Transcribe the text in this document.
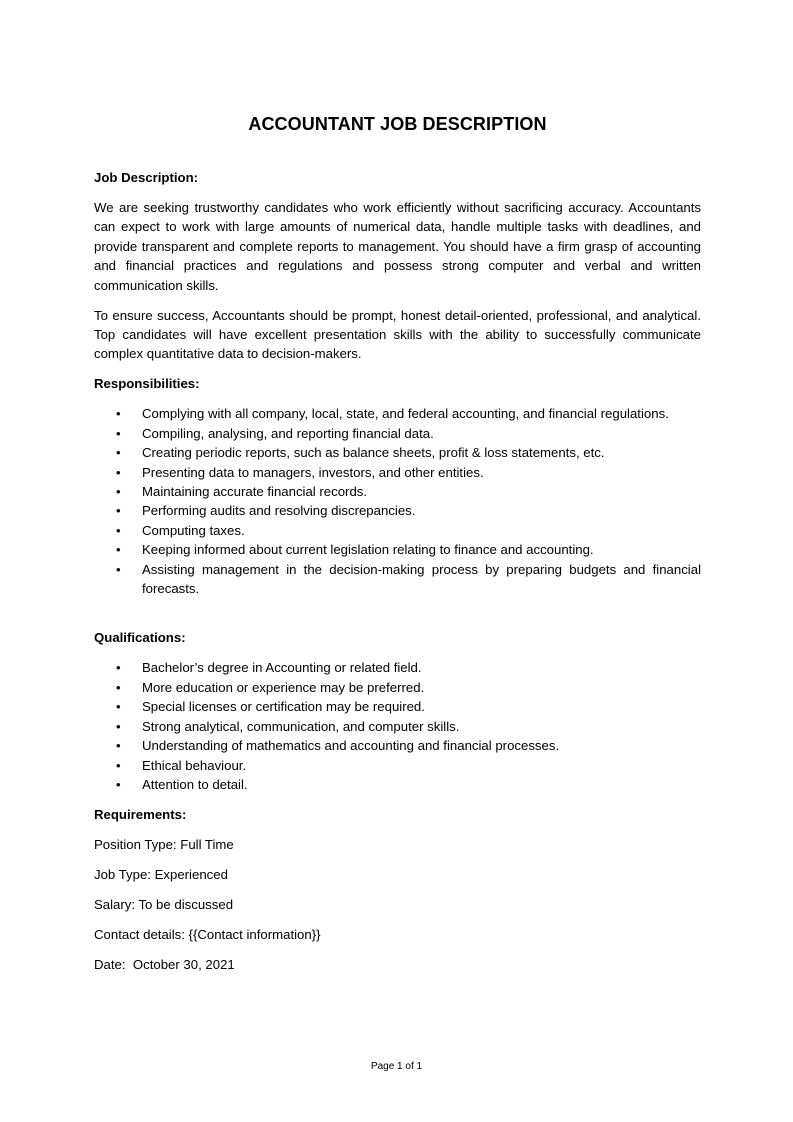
ACCOUNTANT JOB DESCRIPTION
Job Description:

We are seeking trustworthy candidates who work efficiently without sacrificing accuracy. Accountants can expect to work with large amounts of numerical data, handle multiple tasks with deadlines, and provide transparent and complete reports to management. You should have a firm grasp of accounting and financial practices and regulations and possess strong computer and verbal and written communication skills.

To ensure success, Accountants should be prompt, honest detail-oriented, professional, and analytical. Top candidates will have excellent presentation skills with the ability to successfully communicate complex quantitative data to decision-makers.

Responsibilities:
• Complying with all company, local, state, and federal accounting, and financial regulations.
• Compiling, analysing, and reporting financial data.
• Creating periodic reports, such as balance sheets, profit & loss statements, etc.
• Presenting data to managers, investors, and other entities.
• Maintaining accurate financial records.
• Performing audits and resolving discrepancies.
• Computing taxes.
• Keeping informed about current legislation relating to finance and accounting.
• Assisting management in the decision-making process by preparing budgets and financial forecasts.
Qualifications:
• Bachelor’s degree in Accounting or related field.
• More education or experience may be preferred.
• Special licenses or certification may be required.
• Strong analytical, communication, and computer skills.
• Understanding of mathematics and accounting and financial processes.
• Ethical behaviour.
• Attention to detail.
Requirements:
Position Type: Full Time
Job Type: Experienced
Salary: To be discussed
Contact details: {{Contact information}}
Date:  October 30, 2021
Page 1 of 1
